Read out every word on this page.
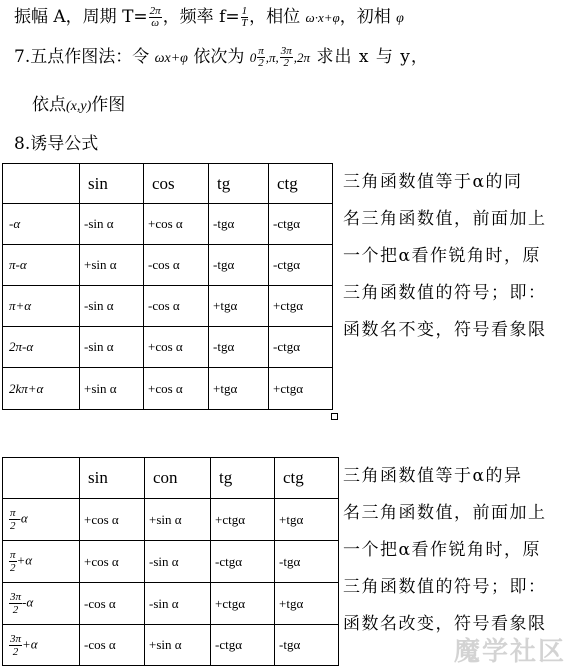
振幅 A，周期 $T= \frac{2\pi}{\omega}$ ，频率 $f= \frac{1}{T}$ ，相位 ω·x+φ，初相 φ
7.五点作图法：令 ωx+φ 依次为 $0 \frac{\pi}{2} ,\pi$, $\frac{3\pi}{2} ,2\pi$ 求出 x 与 y，
依点(x,y)作图
8.诱导公式
	sin	cos	tg	ctg
-α	-sin α	+cos α	-tgα	-ctgα
π-α	+sin α	-cos α	-tgα	-ctgα
π+α	-sin α	-cos α	+tgα	+ctgα
2π-α	-sin α	+cos α	-tgα	-ctgα
2kπ+α	+sin α	+cos α	+tgα	+ctgα
三角函数值等于α的同
名三角函数值，前面加上
一个把α看作锐角时，原
三角函数值的符号；即：
函数名不变，符号看象限
	sin	con	tg	ctg

$\frac{\pi}{2} -\alpha$	+cos α	+sin α	+ctgα	+tgα

$\frac{\pi}{2} +\alpha$	+cos α	-sin α	-ctgα	-tgα

$\frac{3\pi}{2} -\alpha$	-cos α	-sin α	+ctgα	+tgα

$\frac{3\pi}{2} +\alpha$	-cos α	+sin α	-ctgα	-tgα
三角函数值等于α的异
名三角函数值，前面加上
一个把α看作锐角时，原
三角函数值的符号；即：
函数名改变，符号看象限
魔学社区
